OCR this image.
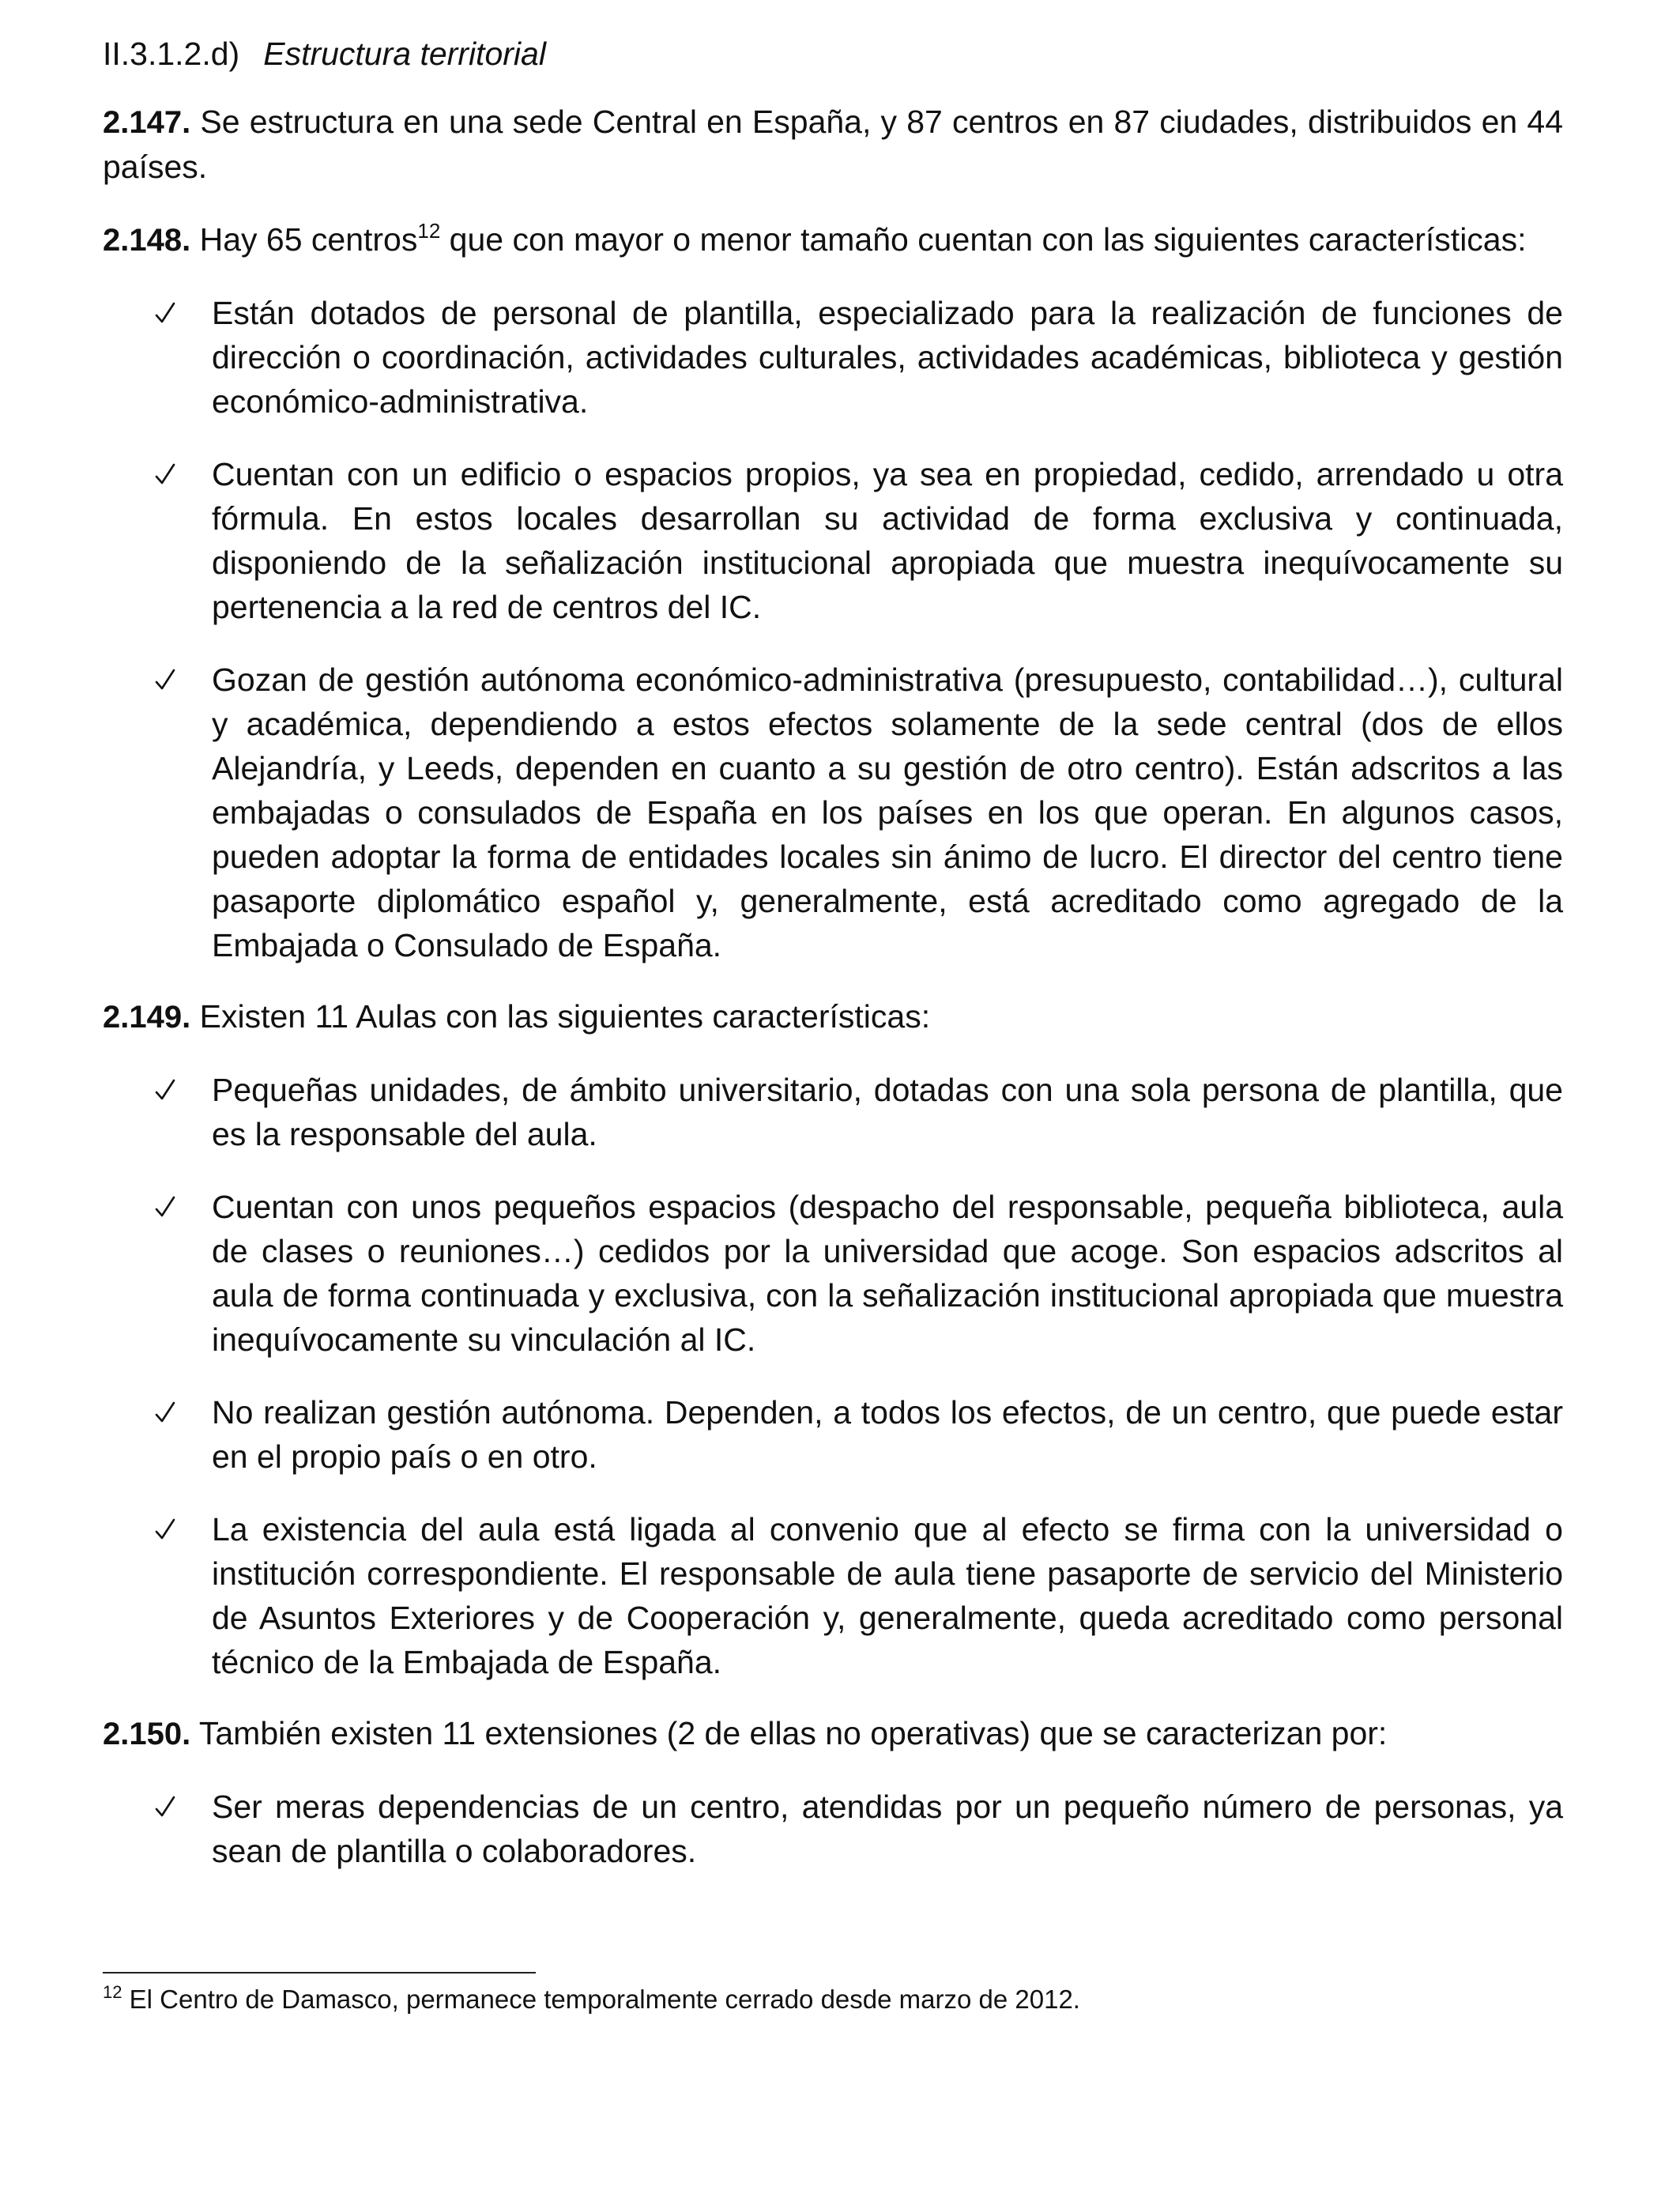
II.3.1.2.d) Estructura territorial

2.147. Se estructura en una sede Central en España, y 87 centros en 87 ciudades, distribuidos en 44 países.

2.148. Hay 65 centros$^{12}$ que con mayor o menor tamaño cuentan con las siguientes características:

Están dotados de personal de plantilla, especializado para la realización de funciones de dirección o coordinación, actividades culturales, actividades académicas, biblioteca y gestión económico-administrativa.
Cuentan con un edificio o espacios propios, ya sea en propiedad, cedido, arrendado u otra fórmula. En estos locales desarrollan su actividad de forma exclusiva y continuada, disponiendo de la señalización institucional apropiada que muestra inequívocamente su pertenencia a la red de centros del IC.
Gozan de gestión autónoma económico-administrativa (presupuesto, contabilidad…), cultural y académica, dependiendo a estos efectos solamente de la sede central (dos de ellos Alejandría, y Leeds, dependen en cuanto a su gestión de otro centro). Están adscritos a las embajadas o consulados de España en los países en los que operan. En algunos casos, pueden adoptar la forma de entidades locales sin ánimo de lucro. El director del centro tiene pasaporte diplomático español y, generalmente, está acreditado como agregado de la Embajada o Consulado de España.

2.149. Existen 11 Aulas con las siguientes características:

Pequeñas unidades, de ámbito universitario, dotadas con una sola persona de plantilla, que es la responsable del aula.
Cuentan con unos pequeños espacios (despacho del responsable, pequeña biblioteca, aula de clases o reuniones…) cedidos por la universidad que acoge. Son espacios adscritos al aula de forma continuada y exclusiva, con la señalización institucional apropiada que muestra inequívocamente su vinculación al IC.
No realizan gestión autónoma. Dependen, a todos los efectos, de un centro, que puede estar en el propio país o en otro.
La existencia del aula está ligada al convenio que al efecto se firma con la universidad o institución correspondiente. El responsable de aula tiene pasaporte de servicio del Ministerio de Asuntos Exteriores y de Cooperación y, generalmente, queda acreditado como personal técnico de la Embajada de España.

2.150. También existen 11 extensiones (2 de ellas no operativas) que se caracterizan por:

Ser meras dependencias de un centro, atendidas por un pequeño número de personas, ya sean de plantilla o colaboradores.
$^{12}$ El Centro de Damasco, permanece temporalmente cerrado desde marzo de 2012.
